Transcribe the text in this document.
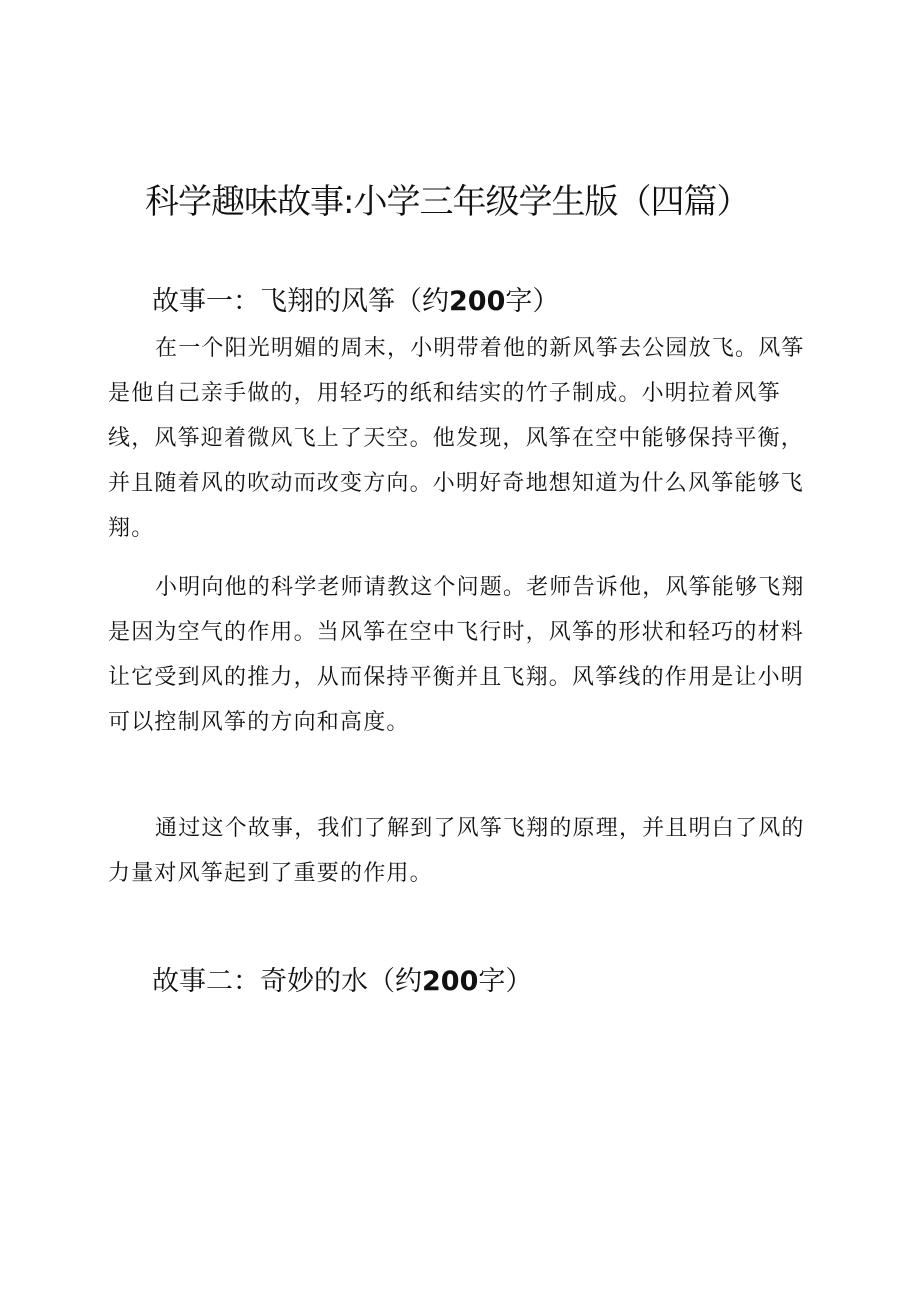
科学趣味故事:小学三年级学生版（四篇）
故事一：飞翔的风筝（约200字）

在一个阳光明媚的周末，小明带着他的新风筝去公园放飞。风筝是他自己亲手做的，用轻巧的纸和结实的竹子制成。小明拉着风筝线，风筝迎着微风飞上了天空。他发现，风筝在空中能够保持平衡，并且随着风的吹动而改变方向。小明好奇地想知道为什么风筝能够飞翔。

小明向他的科学老师请教这个问题。老师告诉他，风筝能够飞翔是因为空气的作用。当风筝在空中飞行时，风筝的形状和轻巧的材料让它受到风的推力，从而保持平衡并且飞翔。风筝线的作用是让小明可以控制风筝的方向和高度。

通过这个故事，我们了解到了风筝飞翔的原理，并且明白了风的力量对风筝起到了重要的作用。

故事二：奇妙的水（约200字）
